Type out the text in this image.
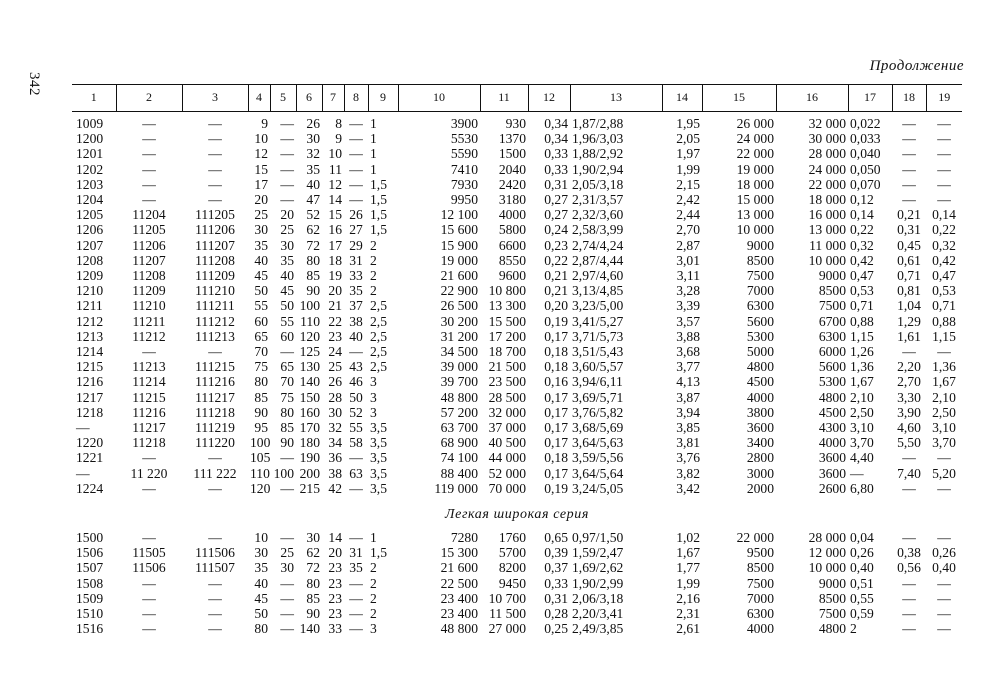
342
Продолжение
1	2	3	4	5	6	7	8	9	10	11	12	13	14	15	16	17	18	19

1009	—	—	9	—	26	8	—	1	3900	930	0,34	1,87/2,88	1,95	26 000	32 000	0,022	—	—
1200	—	—	10	—	30	9	—	1	5530	1370	0,34	1,96/3,03	2,05	24 000	30 000	0,033	—	—
1201	—	—	12	—	32	10	—	1	5590	1500	0,33	1,88/2,92	1,97	22 000	28 000	0,040	—	—
1202	—	—	15	—	35	11	—	1	7410	2040	0,33	1,90/2,94	1,99	19 000	24 000	0,050	—	—
1203	—	—	17	—	40	12	—	1,5	7930	2420	0,31	2,05/3,18	2,15	18 000	22 000	0,070	—	—
1204	—	—	20	—	47	14	—	1,5	9950	3180	0,27	2,31/3,57	2,42	15 000	18 000	0,12	—	—
1205	11204	111205	25	20	52	15	26	1,5	12 100	4000	0,27	2,32/3,60	2,44	13 000	16 000	0,14	0,21	0,14
1206	11205	111206	30	25	62	16	27	1,5	15 600	5800	0,24	2,58/3,99	2,70	10 000	13 000	0,22	0,31	0,22
1207	11206	111207	35	30	72	17	29	2	15 900	6600	0,23	2,74/4,24	2,87	9000	11 000	0,32	0,45	0,32
1208	11207	111208	40	35	80	18	31	2	19 000	8550	0,22	2,87/4,44	3,01	8500	10 000	0,42	0,61	0,42
1209	11208	111209	45	40	85	19	33	2	21 600	9600	0,21	2,97/4,60	3,11	7500	9000	0,47	0,71	0,47
1210	11209	111210	50	45	90	20	35	2	22 900	10 800	0,21	3,13/4,85	3,28	7000	8500	0,53	0,81	0,53
1211	11210	111211	55	50	100	21	37	2,5	26 500	13 300	0,20	3,23/5,00	3,39	6300	7500	0,71	1,04	0,71
1212	11211	111212	60	55	110	22	38	2,5	30 200	15 500	0,19	3,41/5,27	3,57	5600	6700	0,88	1,29	0,88
1213	11212	111213	65	60	120	23	40	2,5	31 200	17 200	0,17	3,71/5,73	3,88	5300	6300	1,15	1,61	1,15
1214	—	—	70	—	125	24	—	2,5	34 500	18 700	0,18	3,51/5,43	3,68	5000	6000	1,26	—	—
1215	11213	111215	75	65	130	25	43	2,5	39 000	21 500	0,18	3,60/5,57	3,77	4800	5600	1,36	2,20	1,36
1216	11214	111216	80	70	140	26	46	3	39 700	23 500	0,16	3,94/6,11	4,13	4500	5300	1,67	2,70	1,67
1217	11215	111217	85	75	150	28	50	3	48 800	28 500	0,17	3,69/5,71	3,87	4000	4800	2,10	3,30	2,10
1218	11216	111218	90	80	160	30	52	3	57 200	32 000	0,17	3,76/5,82	3,94	3800	4500	2,50	3,90	2,50
—	11217	111219	95	85	170	32	55	3,5	63 700	37 000	0,17	3,68/5,69	3,85	3600	4300	3,10	4,60	3,10
1220	11218	111220	100	90	180	34	58	3,5	68 900	40 500	0,17	3,64/5,63	3,81	3400	4000	3,70	5,50	3,70
1221	—	—	105	—	190	36	—	3,5	74 100	44 000	0,18	3,59/5,56	3,76	2800	3600	4,40	—	—
—	11 220	111 222	110	100	200	38	63	3,5	88 400	52 000	0,17	3,64/5,64	3,82	3000	3600	—	7,40	5,20
1224	—	—	120	—	215	42	—	3,5	119 000	70 000	0,19	3,24/5,05	3,42	2000	2600	6,80	—	—
Легкая широкая серия																		
1500	—	—	10	—	30	14	—	1	7280	1760	0,65	0,97/1,50	1,02	22 000	28 000	0,04	—	—
1506	11505	111506	30	25	62	20	31	1,5	15 300	5700	0,39	1,59/2,47	1,67	9500	12 000	0,26	0,38	0,26
1507	11506	111507	35	30	72	23	35	2	21 600	8200	0,37	1,69/2,62	1,77	8500	10 000	0,40	0,56	0,40
1508	—	—	40	—	80	23	—	2	22 500	9450	0,33	1,90/2,99	1,99	7500	9000	0,51	—	—
1509	—	—	45	—	85	23	—	2	23 400	10 700	0,31	2,06/3,18	2,16	7000	8500	0,55	—	—
1510	—	—	50	—	90	23	—	2	23 400	11 500	0,28	2,20/3,41	2,31	6300	7500	0,59	—	—
1516	—	—	80	—	140	33	—	3	48 800	27 000	0,25	2,49/3,85	2,61	4000	4800	2	—	—
